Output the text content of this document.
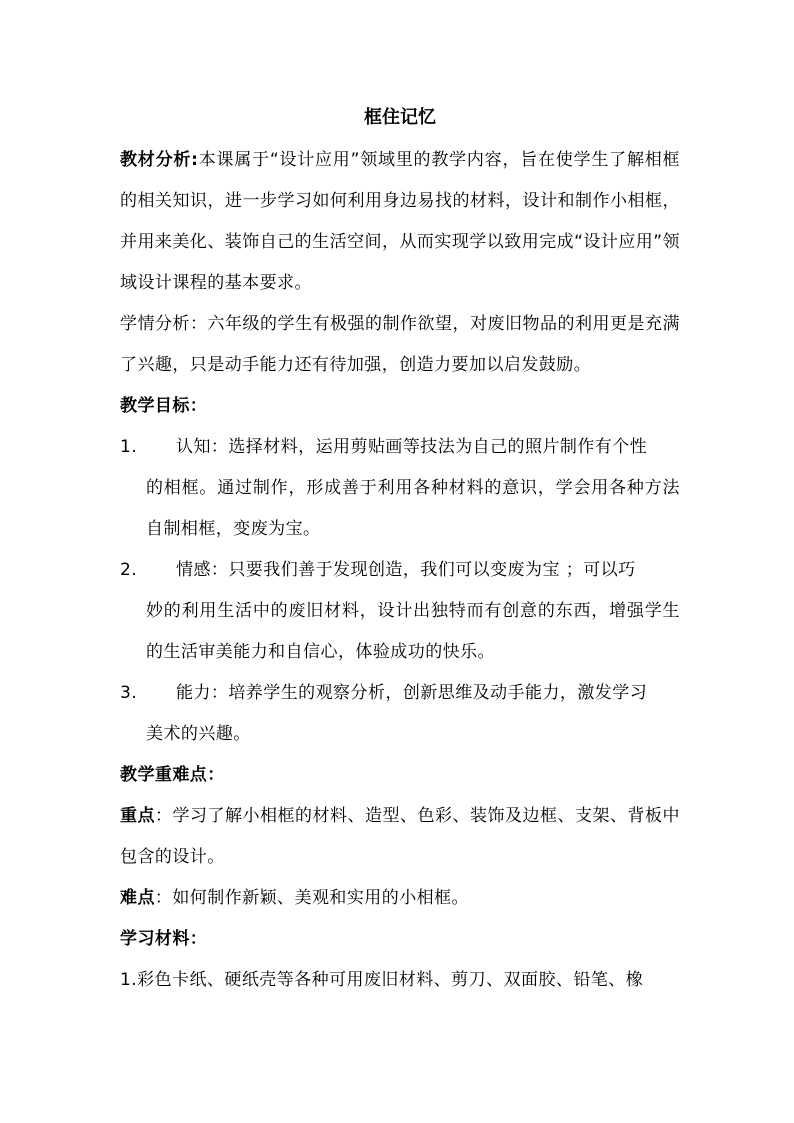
框住记忆

教材分析:本课属于“设计应用”领域里的教学内容，旨在使学生了解相框的相关知识，进一步学习如何利用身边易找的材料，设计和制作小相框，并用来美化、装饰自己的生活空间，从而实现学以致用完成“设计应用”领域设计课程的基本要求。

学情分析：六年级的学生有极强的制作欲望，对废旧物品的利用更是充满了兴趣，只是动手能力还有待加强，创造力要加以启发鼓励。

教学目标：

1.	认知：选择材料，运用剪贴画等技法为自己的照片制作有个性
的相框。通过制作，形成善于利用各种材料的意识，学会用各种方法自制相框，变废为宝。
2.	情感：只要我们善于发现创造，我们可以变废为宝 ；可以巧
妙的利用生活中的废旧材料，设计出独特而有创意的东西，增强学生的生活审美能力和自信心，体验成功的快乐。
3.	能力：培养学生的观察分析，创新思维及动手能力，激发学习
美术的兴趣。

教学重难点：

重点：学习了解小相框的材料、造型、色彩、装饰及边框、支架、背板中包含的设计。

难点：如何制作新颖、美观和实用的小相框。

学习材料：

1.彩色卡纸、硬纸壳等各种可用废旧材料、剪刀、双面胶、铅笔、橡
